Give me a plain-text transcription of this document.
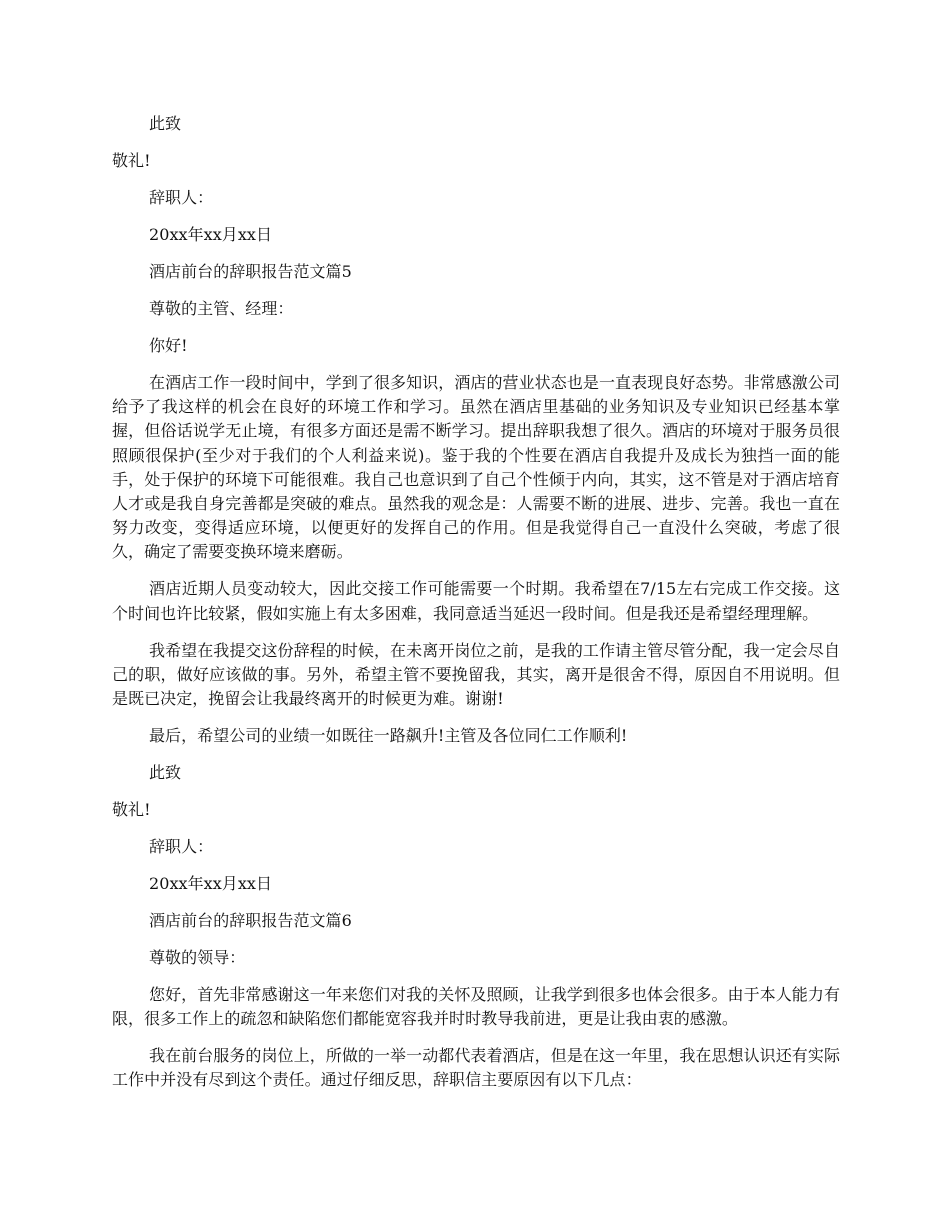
此致

敬礼!

辞职人：

20xx年xx月xx日

酒店前台的辞职报告范文篇5

尊敬的主管、经理：

你好!

在酒店工作一段时间中，学到了很多知识，酒店的营业状态也是一直表现良好态势。非常感激公司给予了我这样的机会在良好的环境工作和学习。虽然在酒店里基础的业务知识及专业知识已经基本掌握，但俗话说学无止境，有很多方面还是需不断学习。提出辞职我想了很久。酒店的环境对于服务员很照顾很保护(至少对于我们的个人利益来说)。鉴于我的个性要在酒店自我提升及成长为独挡一面的能手，处于保护的环境下可能很难。我自己也意识到了自己个性倾于内向，其实，这不管是对于酒店培育人才或是我自身完善都是突破的难点。虽然我的观念是：人需要不断的进展、进步、完善。我也一直在努力改变，变得适应环境，以便更好的发挥自己的作用。但是我觉得自己一直没什么突破，考虑了很久，确定了需要变换环境来磨砺。

酒店近期人员变动较大，因此交接工作可能需要一个时期。我希望在7/15左右完成工作交接。这个时间也许比较紧，假如实施上有太多困难，我同意适当延迟一段时间。但是我还是希望经理理解。

我希望在我提交这份辞程的时候，在未离开岗位之前，是我的工作请主管尽管分配，我一定会尽自己的职，做好应该做的事。另外，希望主管不要挽留我，其实，离开是很舍不得，原因自不用说明。但是既已决定，挽留会让我最终离开的时候更为难。谢谢!

最后，希望公司的业绩一如既往一路飙升!主管及各位同仁工作顺利!

此致

敬礼!

辞职人：

20xx年xx月xx日

酒店前台的辞职报告范文篇6

尊敬的领导：

您好，首先非常感谢这一年来您们对我的关怀及照顾，让我学到很多也体会很多。由于本人能力有限，很多工作上的疏忽和缺陷您们都能宽容我并时时教导我前进，更是让我由衷的感激。

我在前台服务的岗位上，所做的一举一动都代表着酒店，但是在这一年里，我在思想认识还有实际工作中并没有尽到这个责任。通过仔细反思，辞职信主要原因有以下几点：
